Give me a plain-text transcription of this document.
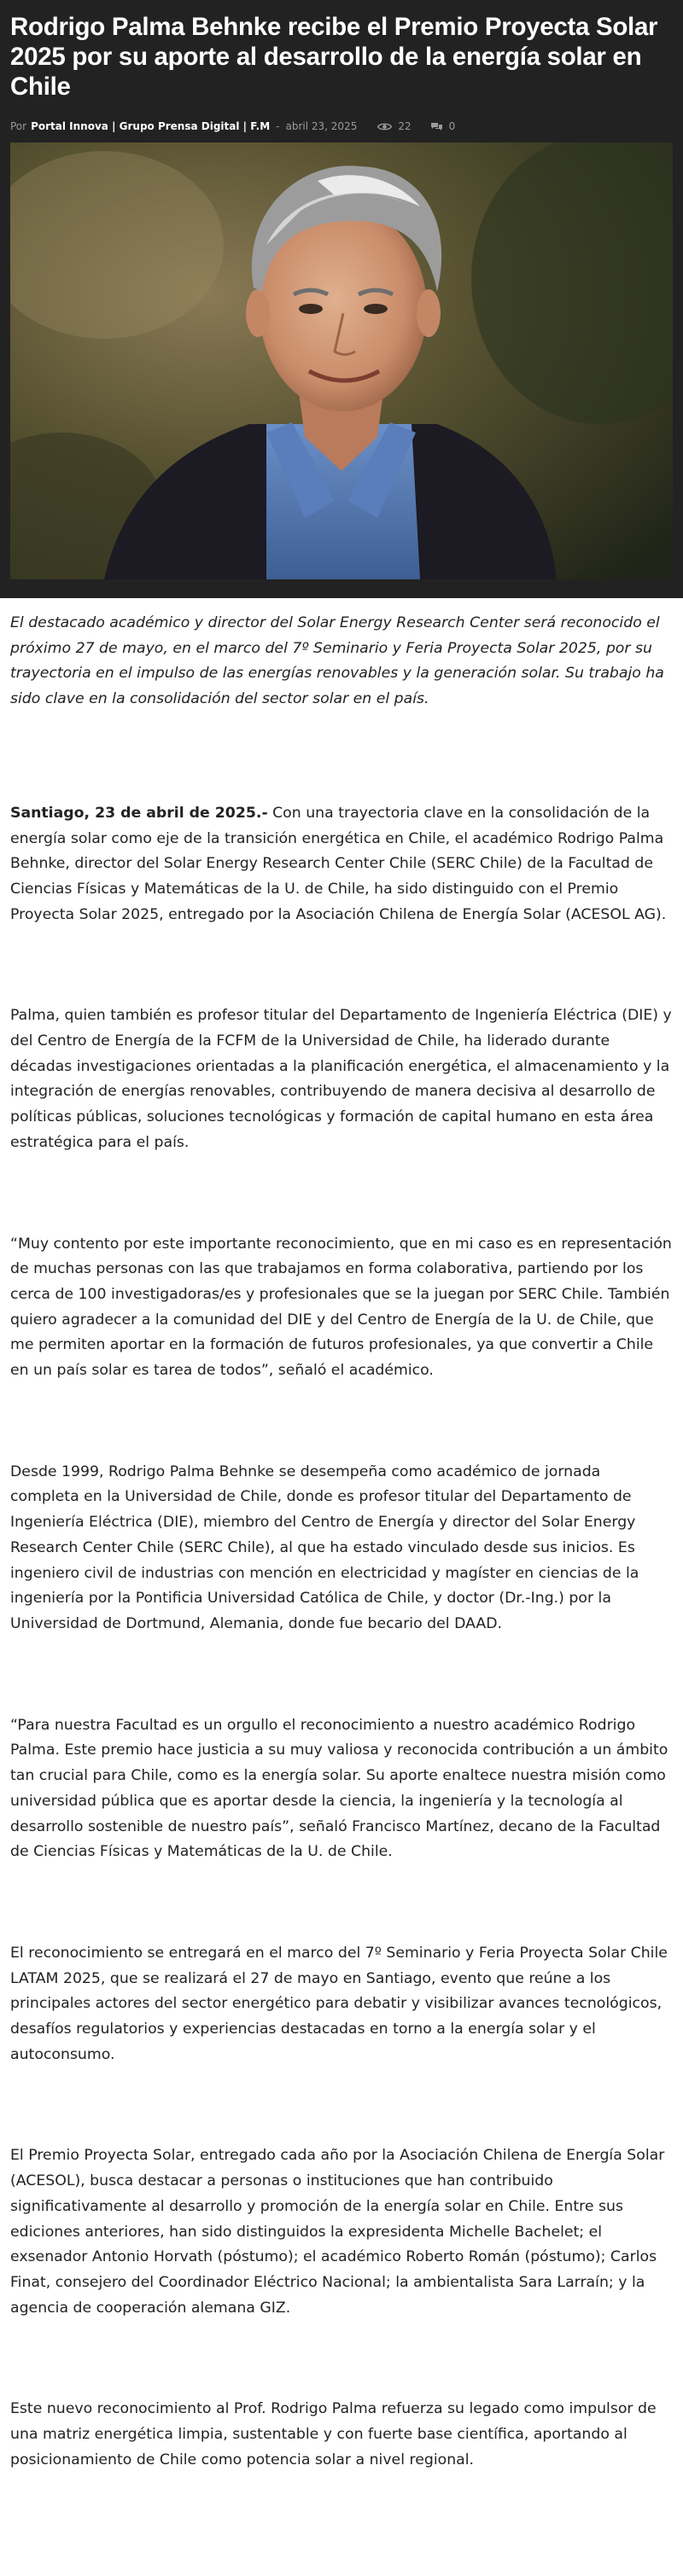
Rodrigo Palma Behnke recibe el Premio Proyecta Solar 2025 por su aporte al desarrollo de la energía solar en Chile
Por Portal Innova | Grupo Prensa Digital | F.M - abril 23, 2025	22	0

El destacado académico y director del Solar Energy Research Center será reconocido el próximo 27 de mayo, en el marco del 7º Seminario y Feria Proyecta Solar 2025, por su trayectoria en el impulso de las energías renovables y la generación solar. Su trabajo ha sido clave en la consolidación del sector solar en el país.

Santiago, 23 de abril de 2025.- Con una trayectoria clave en la consolidación de la energía solar como eje de la transición energética en Chile, el académico Rodrigo Palma Behnke, director del Solar Energy Research Center Chile (SERC Chile) de la Facultad de Ciencias Físicas y Matemáticas de la U. de Chile, ha sido distinguido con el Premio Proyecta Solar 2025, entregado por la Asociación Chilena de Energía Solar (ACESOL AG).

Palma, quien también es profesor titular del Departamento de Ingeniería Eléctrica (DIE) y del Centro de Energía de la FCFM de la Universidad de Chile, ha liderado durante décadas investigaciones orientadas a la planificación energética, el almacenamiento y la integración de energías renovables, contribuyendo de manera decisiva al desarrollo de políticas públicas, soluciones tecnológicas y formación de capital humano en esta área estratégica para el país.

“Muy contento por este importante reconocimiento, que en mi caso es en representación de muchas personas con las que trabajamos en forma colaborativa, partiendo por los cerca de 100 investigadoras/es y profesionales que se la juegan por SERC Chile. También quiero agradecer a la comunidad del DIE y del Centro de Energía de la U. de Chile, que me permiten aportar en la formación de futuros profesionales, ya que convertir a Chile en un país solar es tarea de todos”, señaló el académico.

Desde 1999, Rodrigo Palma Behnke se desempeña como académico de jornada completa en la Universidad de Chile, donde es profesor titular del Departamento de Ingeniería Eléctrica (DIE), miembro del Centro de Energía y director del Solar Energy Research Center Chile (SERC Chile), al que ha estado vinculado desde sus inicios. Es ingeniero civil de industrias con mención en electricidad y magíster en ciencias de la ingeniería por la Pontificia Universidad Católica de Chile, y doctor (Dr.-Ing.) por la Universidad de Dortmund, Alemania, donde fue becario del DAAD.

“Para nuestra Facultad es un orgullo el reconocimiento a nuestro académico Rodrigo Palma. Este premio hace justicia a su muy valiosa y reconocida contribución a un ámbito tan crucial para Chile, como es la energía solar. Su aporte enaltece nuestra misión como universidad pública que es aportar desde la ciencia, la ingeniería y la tecnología al desarrollo sostenible de nuestro país”, señaló Francisco Martínez, decano de la Facultad de Ciencias Físicas y Matemáticas de la U. de Chile.

El reconocimiento se entregará en el marco del 7º Seminario y Feria Proyecta Solar Chile LATAM 2025, que se realizará el 27 de mayo en Santiago, evento que reúne a los principales actores del sector energético para debatir y visibilizar avances tecnológicos, desafíos regulatorios y experiencias destacadas en torno a la energía solar y el autoconsumo.

El Premio Proyecta Solar, entregado cada año por la Asociación Chilena de Energía Solar (ACESOL), busca destacar a personas o instituciones que han contribuido significativamente al desarrollo y promoción de la energía solar en Chile. Entre sus ediciones anteriores, han sido distinguidos la expresidenta Michelle Bachelet; el exsenador Antonio Horvath (póstumo); el académico Roberto Román (póstumo); Carlos Finat, consejero del Coordinador Eléctrico Nacional; la ambientalista Sara Larraín; y la agencia de cooperación alemana GIZ.

Este nuevo reconocimiento al Prof. Rodrigo Palma refuerza su legado como impulsor de una matriz energética limpia, sustentable y con fuerte base científica, aportando al posicionamiento de Chile como potencia solar a nivel regional.
